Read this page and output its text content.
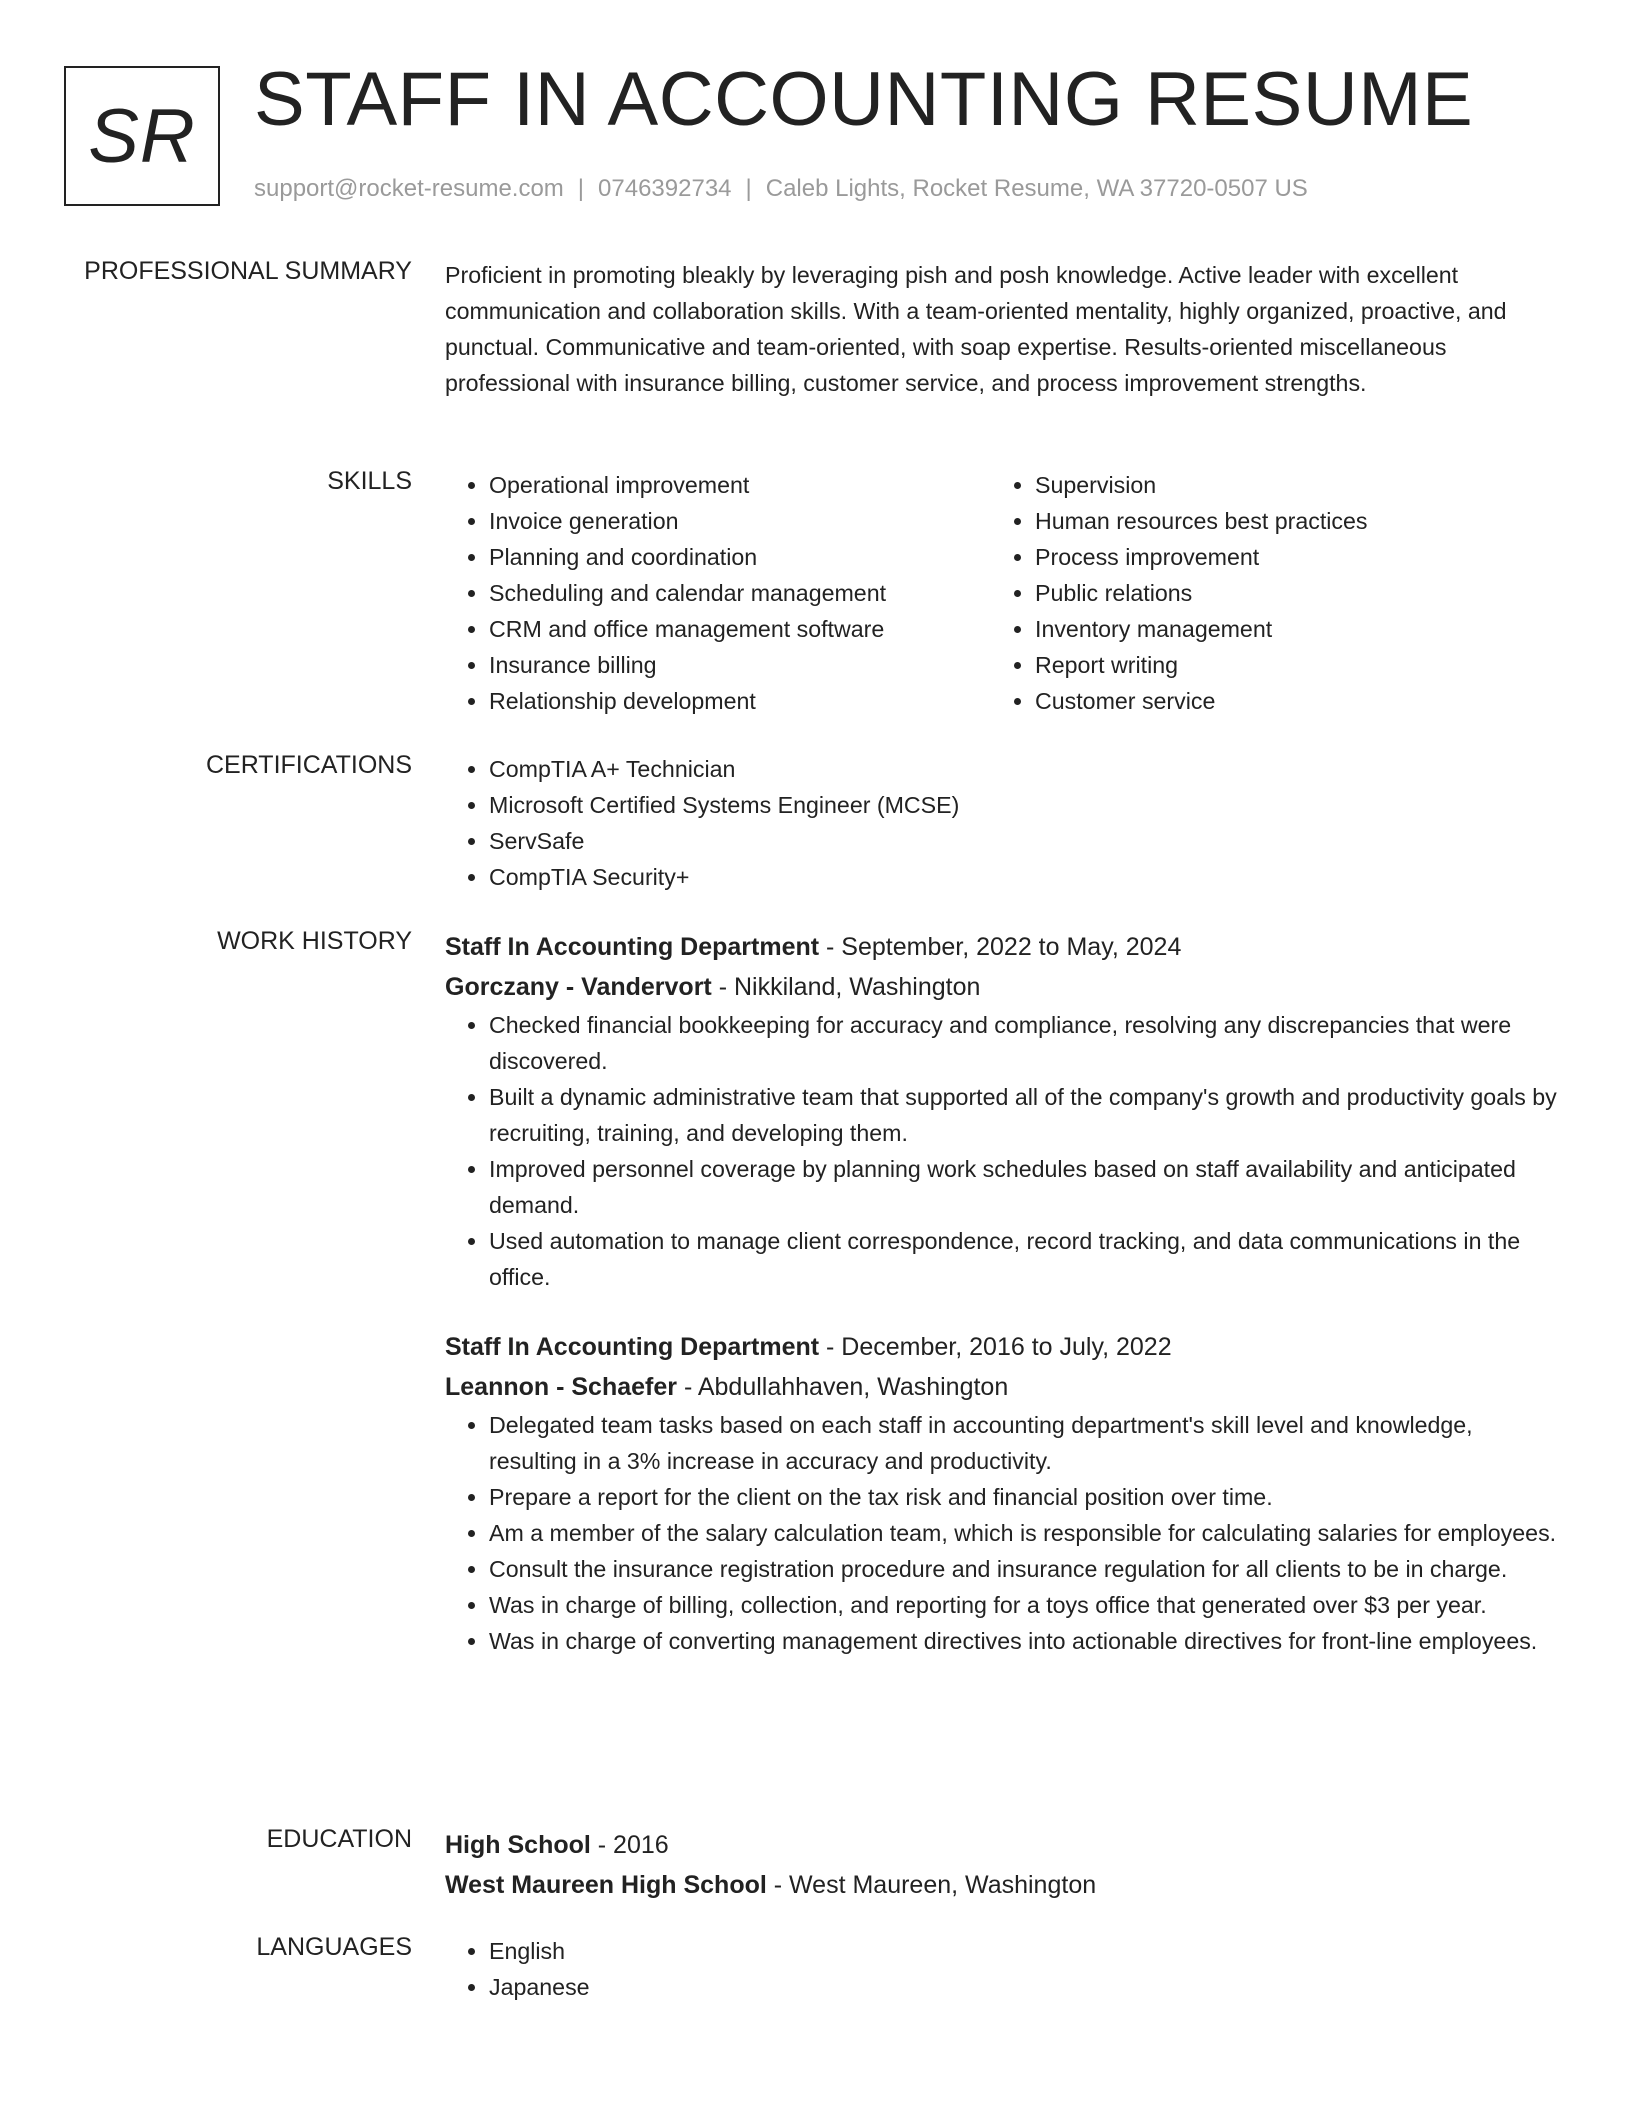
SR STAFF IN ACCOUNTING RESUME
support@rocket-resume.com | 0746392734 | Caleb Lights, Rocket Resume, WA 37720-0507 US
PROFESSIONAL SUMMARY Proficient in promoting bleakly by leveraging pish and posh knowledge. Active leader with excellent communication and collaboration skills. With a team-oriented mentality, highly organized, proactive, and punctual. Communicative and team-oriented, with soap expertise. Results-oriented miscellaneous professional with insurance billing, customer service, and process improvement strengths.

SKILLS	• Operational improvement
• Invoice generation
• Planning and coordination
• Scheduling and calendar management
• CRM and office management software
• Insurance billing
• Relationship development
• Supervision
• Human resources best practices
• Process improvement
• Public relations
• Inventory management
• Report writing
• Customer service
CERTIFICATIONS	• CompTIA A+ Technician
• Microsoft Certified Systems Engineer (MCSE)
• ServSafe
• CompTIA Security+
WORK HISTORY Staff In Accounting Department - September, 2022 to May, 2024
Gorczany - Vandervort - Nikkiland, Washington
• Checked financial bookkeeping for accuracy and compliance, resolving any discrepancies that were discovered.
• Built a dynamic administrative team that supported all of the company's growth and productivity goals by recruiting, training, and developing them.
• Improved personnel coverage by planning work schedules based on staff availability and anticipated demand.
• Used automation to manage client correspondence, record tracking, and data communications in the office.
Staff In Accounting Department - December, 2016 to July, 2022
Leannon - Schaefer - Abdullahhaven, Washington
• Delegated team tasks based on each staff in accounting department's skill level and knowledge, resulting in a 3% increase in accuracy and productivity.
• Prepare a report for the client on the tax risk and financial position over time.
• Am a member of the salary calculation team, which is responsible for calculating salaries for employees.
• Consult the insurance registration procedure and insurance regulation for all clients to be in charge.
• Was in charge of billing, collection, and reporting for a toys office that generated over $3 per year.
• Was in charge of converting management directives into actionable directives for front-line employees.
EDUCATION High School - 2016
West Maureen High School - West Maureen, Washington
LANGUAGES	• English
• Japanese
